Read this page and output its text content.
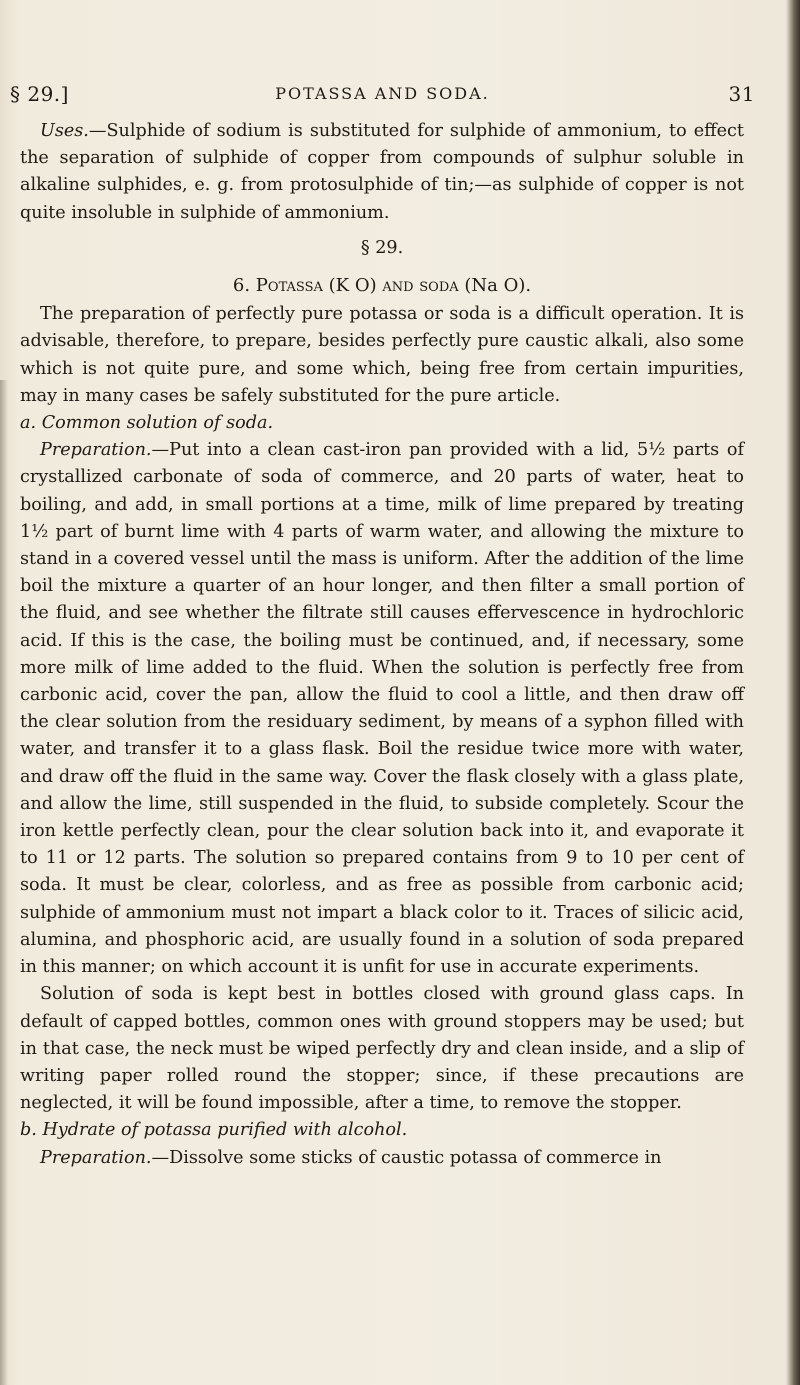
§ 29.]	POTASSA AND SODA.	31

Uses.—Sulphide of sodium is substituted for sulphide of ammonium, to effect the separation of sulphide of copper from compounds of sulphur soluble in alkaline sulphides, e. g. from protosulphide of tin;—as sulphide of copper is not quite insoluble in sulphide of ammonium.

§ 29.

6. Potassa (K O) and soda (Na O).

The preparation of perfectly pure potassa or soda is a difficult operation. It is advisable, therefore, to prepare, besides perfectly pure caustic alkali, also some which is not quite pure, and some which, being free from certain impurities, may in many cases be safely substituted for the pure article.

a. Common solution of soda.

Preparation.—Put into a clean cast-iron pan provided with a lid, 5½ parts of crystallized carbonate of soda of commerce, and 20 parts of water, heat to boiling, and add, in small portions at a time, milk of lime prepared by treating 1½ part of burnt lime with 4 parts of warm water, and allowing the mixture to stand in a covered vessel until the mass is uniform. After the addition of the lime boil the mixture a quarter of an hour longer, and then filter a small portion of the fluid, and see whether the filtrate still causes effervescence in hydrochloric acid. If this is the case, the boiling must be continued, and, if necessary, some more milk of lime added to the fluid. When the solution is perfectly free from carbonic acid, cover the pan, allow the fluid to cool a little, and then draw off the clear solution from the residuary sediment, by means of a syphon filled with water, and transfer it to a glass flask. Boil the residue twice more with water, and draw off the fluid in the same way. Cover the flask closely with a glass plate, and allow the lime, still suspended in the fluid, to subside completely. Scour the iron kettle perfectly clean, pour the clear solution back into it, and evaporate it to 11 or 12 parts. The solution so prepared contains from 9 to 10 per cent of soda. It must be clear, colorless, and as free as possible from carbonic acid; sulphide of ammonium must not impart a black color to it. Traces of silicic acid, alumina, and phosphoric acid, are usually found in a solution of soda prepared in this manner; on which account it is unfit for use in accurate experiments.

Solution of soda is kept best in bottles closed with ground glass caps. In default of capped bottles, common ones with ground stoppers may be used; but in that case, the neck must be wiped perfectly dry and clean inside, and a slip of writing paper rolled round the stopper; since, if these precautions are neglected, it will be found impossible, after a time, to remove the stopper.

b. Hydrate of potassa purified with alcohol.

Preparation.—Dissolve some sticks of caustic potassa of commerce in
